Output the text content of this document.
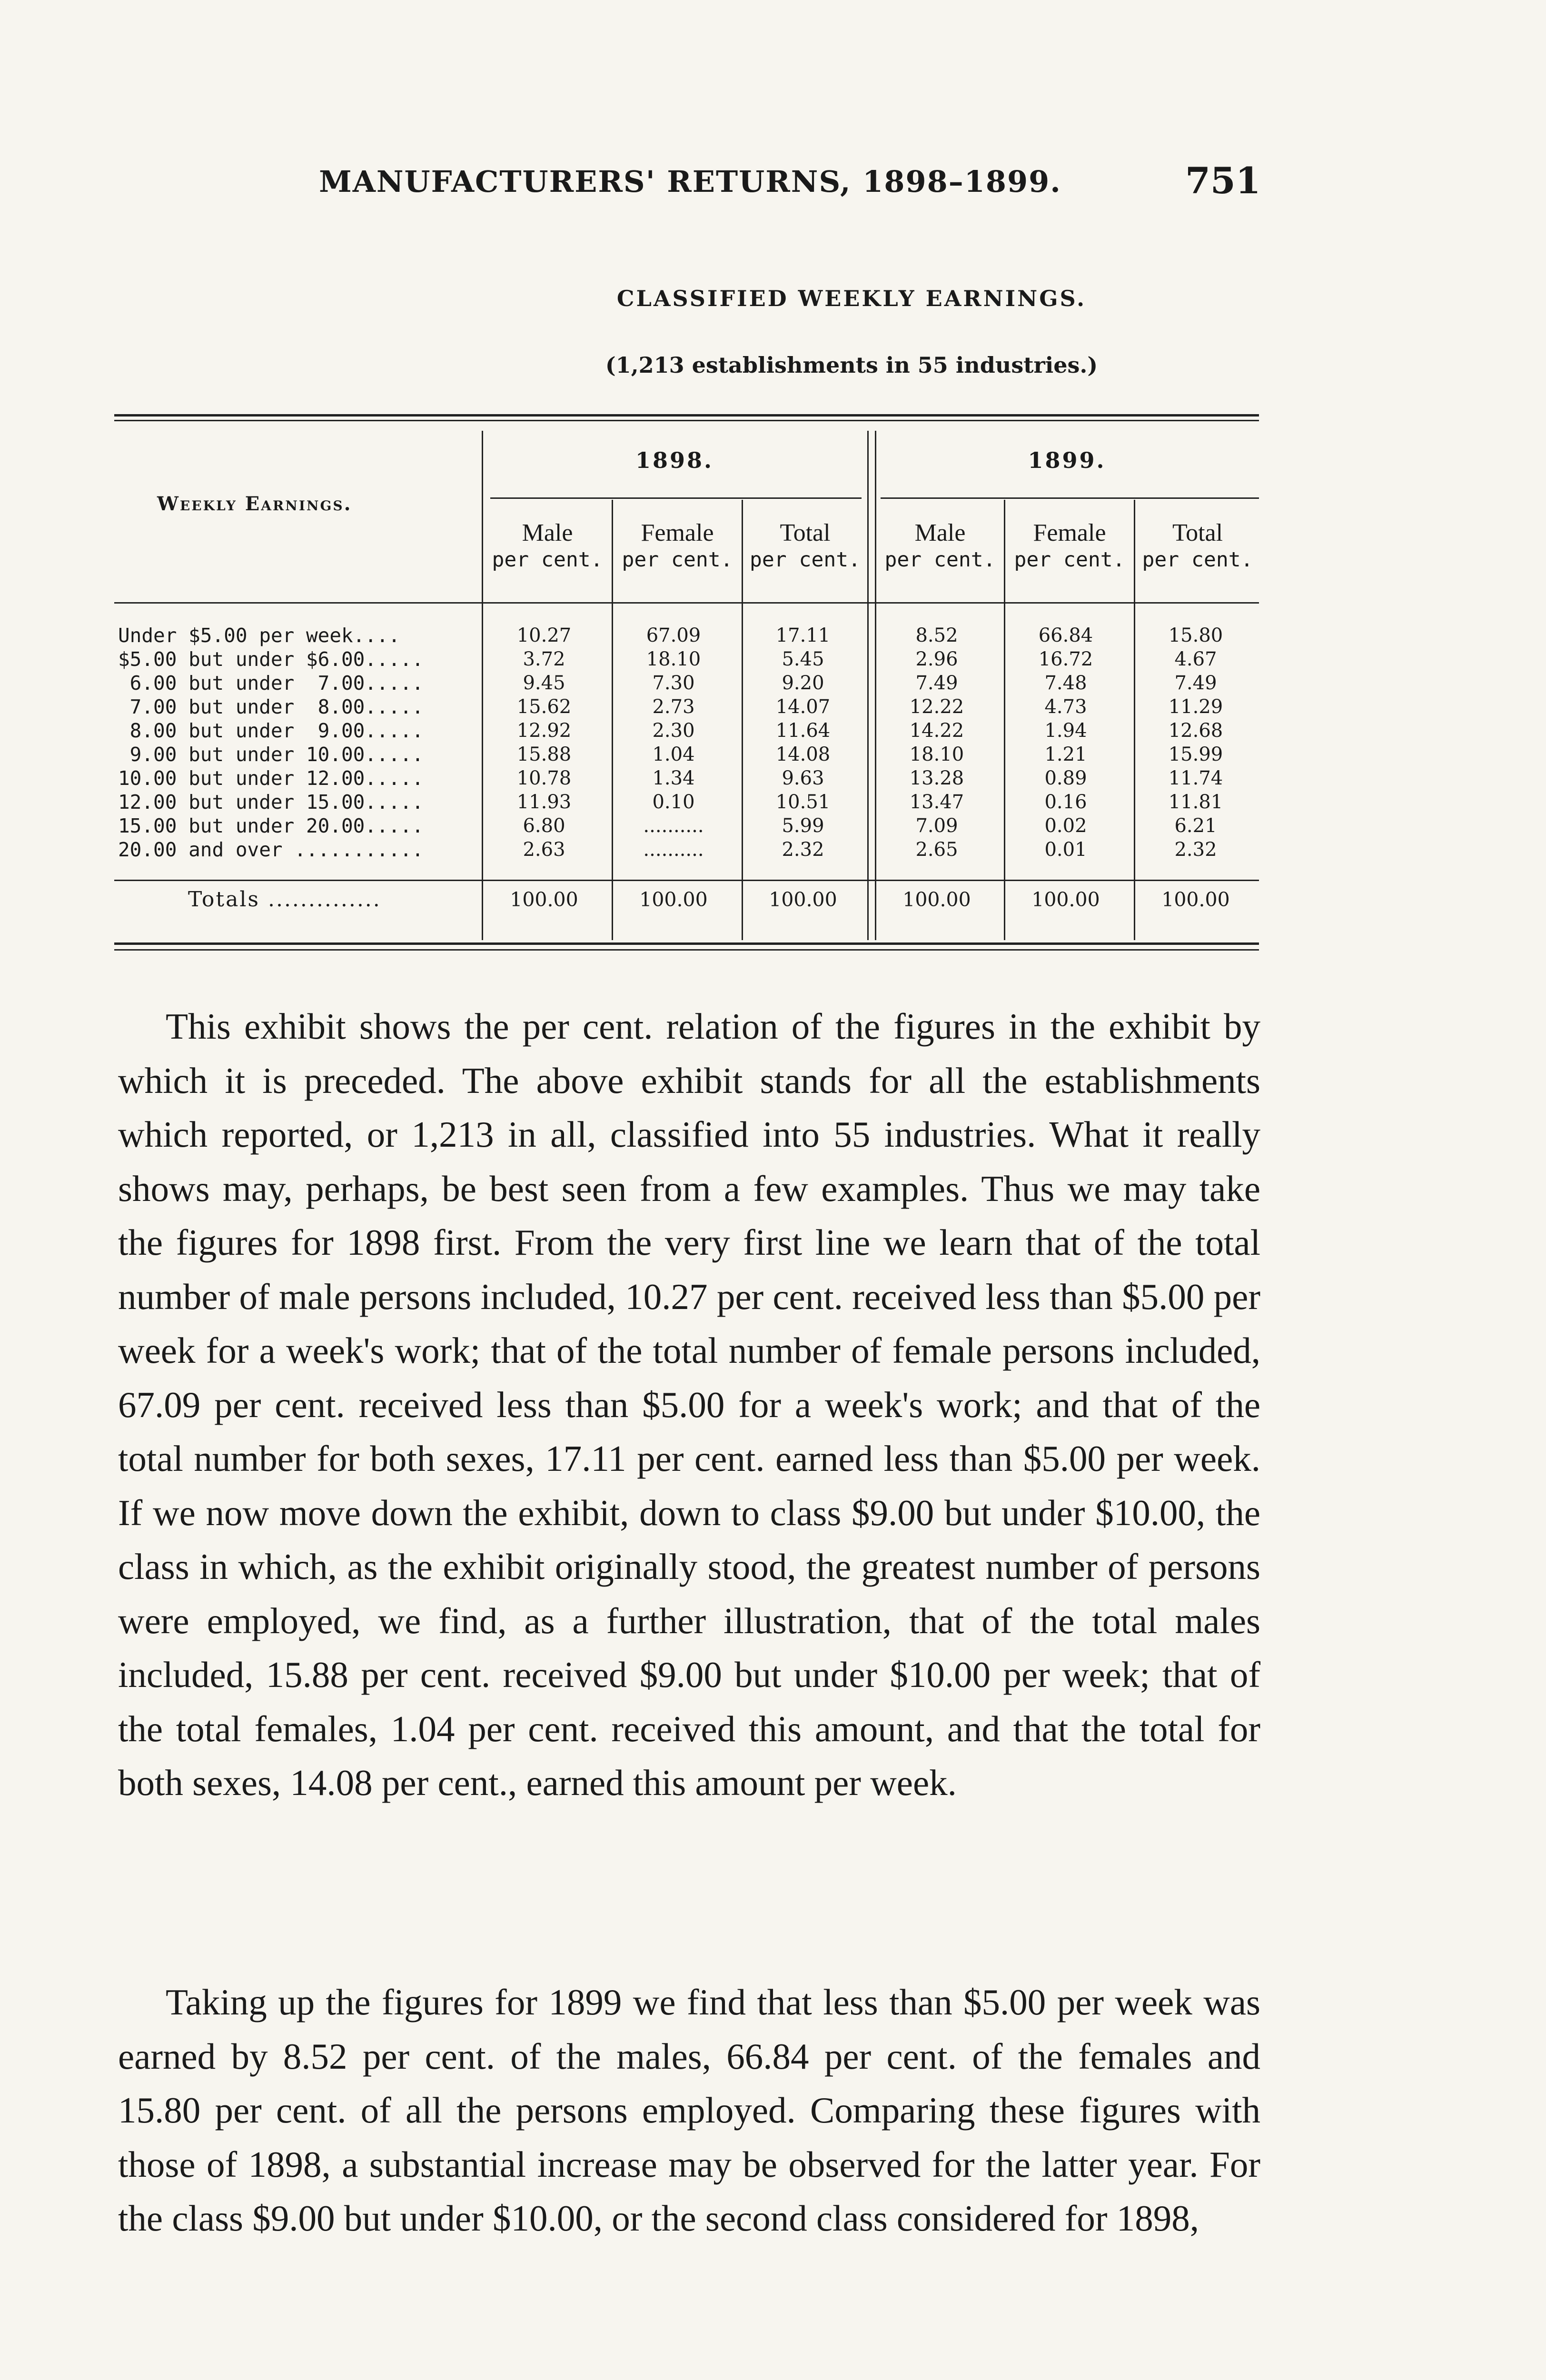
MANUFACTURERS' RETURNS, 1898–1899.	751
CLASSIFIED WEEKLY EARNINGS.
(1,213 establishments in 55 industries.)
1898.	1899.
Weekly Earnings.
Male
per cent.
Female
per cent.
Total
per cent.
Male
per cent.
Female
per cent.
Total
per cent.
Under $5.00 per week....	10.27	67.09	17.11	8.52	66.84	15.80
$5.00 but under $6.00.....	3.72	18.10	5.45	2.96	16.72	4.67
6.00 but under  7.00.....	9.45	7.30	9.20	7.49	7.48	7.49
7.00 but under  8.00.....	15.62	2.73	14.07	12.22	4.73	11.29
8.00 but under  9.00.....	12.92	2.30	11.64	14.22	1.94	12.68
9.00 but under 10.00.....	15.88	1.04	14.08	18.10	1.21	15.99
10.00 but under 12.00.....	10.78	1.34	9.63	13.28	0.89	11.74
12.00 but under 15.00.....	11.93	0.10	10.51	13.47	0.16	11.81
15.00 but under 20.00.....	6.80	..........	5.99	7.09	0.02	6.21
20.00 and over ...........	2.63	..........	2.32	2.65	0.01	2.32
Totals ..............	100.00	100.00	100.00	100.00	100.00	100.00

This exhibit shows the per cent. relation of the figures in the exhibit by which it is preceded. The above exhibit stands for all the establishments which reported, or 1,213 in all, classified into 55 industries. What it really shows may, perhaps, be best seen from a few examples. Thus we may take the figures for 1898 first. From the very first line we learn that of the total number of male persons included, 10.27 per cent. received less than $5.00 per week for a week's work; that of the total number of female persons included, 67.09 per cent. received less than $5.00 for a week's work; and that of the total number for both sexes, 17.11 per cent. earned less than $5.00 per week. If we now move down the exhibit, down to class $9.00 but under $10.00, the class in which, as the exhibit originally stood, the greatest number of persons were employed, we find, as a further illustration, that of the total males included, 15.88 per cent. received $9.00 but under $10.00 per week; that of the total females, 1.04 per cent. received this amount, and that the total for both sexes, 14.08 per cent., earned this amount per week.

Taking up the figures for 1899 we find that less than $5.00 per week was earned by 8.52 per cent. of the males, 66.84 per cent. of the females and 15.80 per cent. of all the persons employed. Comparing these figures with those of 1898, a substantial increase may be observed for the latter year. For the class $9.00 but under $10.00, or the second class considered for 1898,
